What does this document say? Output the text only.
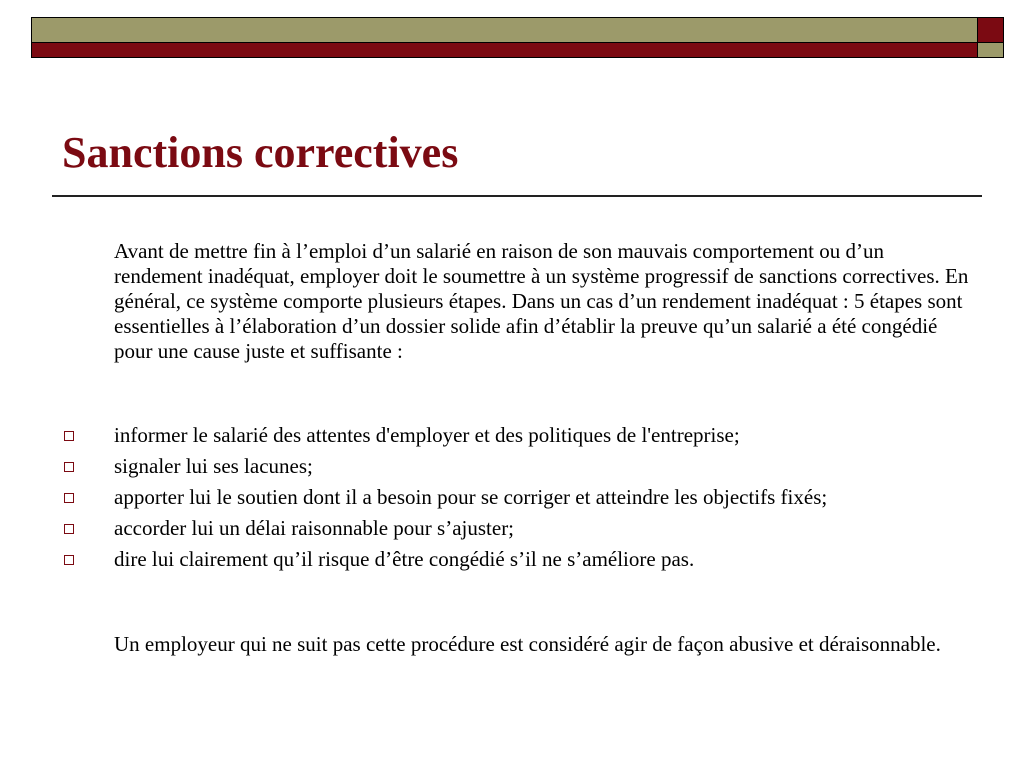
Sanctions correctives
Avant de mettre fin à l’emploi d’un salarié en raison de son mauvais comportement ou d’un rendement inadéquat, employer doit le soumettre à un système progressif de sanctions correctives. En général, ce système comporte plusieurs étapes. Dans un cas d’un rendement inadéquat : 5 étapes sont essentielles à l’élaboration d’un dossier solide afin d’établir la preuve qu’un salarié a été congédié pour une cause juste et suffisante :
informer le salarié des attentes d'employer et des politiques de l'entreprise;
signaler lui ses lacunes;
apporter lui le soutien dont il a besoin pour se corriger et atteindre les objectifs fixés;
accorder lui un délai raisonnable pour s’ajuster;
dire lui clairement qu’il risque d’être congédié s’il ne s’améliore pas.
Un employeur qui ne suit pas cette procédure est considéré agir de façon abusive et déraisonnable.
